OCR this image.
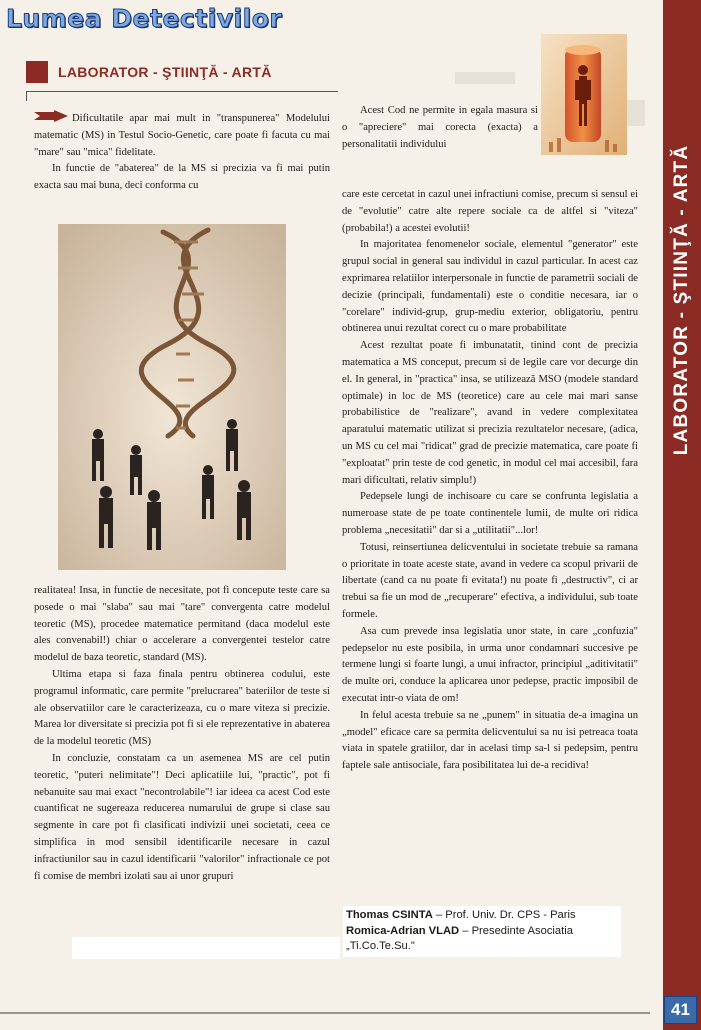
Lumea Detectivilor
LABORATOR - ŞTIINŢĂ - ARTĂ
LABORATOR - ŞTIINŢĂ - ARTĂ

Dificultatile apar mai mult in "transpunerea" Modelului matematic (MS) in Testul Socio-Genetic, care poate fi facuta cu mai "mare" sau "mica" fidelitate.

In functie de "abaterea" de la MS si precizia va fi mai putin exacta sau mai buna, deci conforma cu

realitatea! Insa, in functie de necesitate, pot fi concepute teste care sa posede o mai "slaba" sau mai "tare" convergenta catre modelul teoretic (MS), procedee matematice permitand (daca modelul este ales convenabil!) chiar o accelerare a convergentei testelor catre modelul de baza teoretic, standard (MS).

Ultima etapa si faza finala pentru obtinerea codului, este programul informatic, care permite "prelucrarea" bateriilor de teste si ale observatiilor care le caracterizeaza, cu o mare viteza si precizie. Marea lor diversitate si precizia pot fi si ele reprezentative in abaterea de la modelul teoretic (MS)

In concluzie, constatam ca un asemenea MS are cel putin teoretic, "puteri nelimitate"! Deci aplicatiile lui, "practic", pot fi nebanuite sau mai exact "necontrolabile"! iar ideea ca acest Cod este cuantificat ne sugereaza reducerea numarului de grupe si clase sau segmente in care pot fi clasificati indivizii unei societati, ceea ce simplifica in mod sensibil identificarile necesare in cazul infractiunilor sau in cazul identificarii "valorilor" infractionale ce pot fi comise de membri izolati sau ai unor grupuri

Acest Cod ne permite in egala masura si o "apreciere" mai corecta (exacta) a personalitatii individului

care este cercetat in cazul unei infractiuni comise, precum si sensul ei de "evolutie" catre alte repere sociale ca de altfel si "viteza" (probabila!) a acestei evolutii!

In majoritatea fenomenelor sociale, elementul "generator" este grupul social in general sau individul in cazul particular. In acest caz exprimarea relatiilor interpersonale in functie de parametrii sociali de decizie (principali, fundamentali) este o conditie necesara, iar o "corelare" individ-grup, grup-mediu exterior, obligatoriu, pentru obtinerea unui rezultat corect cu o mare probabilitate

Acest rezultat poate fi imbunatatit, tinind cont de precizia matematica a MS conceput, precum si de legile care vor decurge din el. In general, in "practica" insa, se utilizează MSO (modele standard optimale) in loc de MS (teoretice) care au cele mai mari sanse probabilistice de "realizare", avand in vedere complexitatea aparatului matematic utilizat si precizia rezultatelor necesare, (adica, un MS cu cel mai "ridicat" grad de precizie matematica, care poate fi "exploatat" prin teste de cod genetic, in modul cel mai accesibil, fara mari dificultati, relativ simplu!)

Pedepsele lungi de inchisoare cu care se confrunta legislatia a numeroase state de pe toate continentele lumii, de multe ori ridica problema „necesitatii" dar si a „utilitatii"...lor!

Totusi, reinsertiunea delicventului in societate trebuie sa ramana o prioritate in toate aceste state, avand in vedere ca scopul privarii de libertate (cand ca nu poate fi evitata!) nu poate fi „destructiv", ci ar trebui sa fie un mod de „recuperare" efectiva, a individului, sub toate formele.

Asa cum prevede insa legislatia unor state, in care „confuzia" pedepselor nu este posibila, in urma unor condamnari succesive pe termene lungi si foarte lungi, a unui infractor, principiul „aditivitatii" de multe ori, conduce la aplicarea unor pedepse, practic imposibil de executat intr-o viata de om!

In felul acesta trebuie sa ne „punem" in situatia de-a imagina un „model" eficace care sa permita delicventului sa nu isi petreaca toata viata in spatele gratiilor, dar in acelasi timp sa-l si pedepsim, pentru faptele sale antisociale, fara posibilitatea lui de-a recidiva!

Thomas CSINTA – Prof. Univ. Dr. CPS - Paris
Romica-Adrian VLAD – Presedinte Asociatia „Ti.Co.Te.Su."
41
